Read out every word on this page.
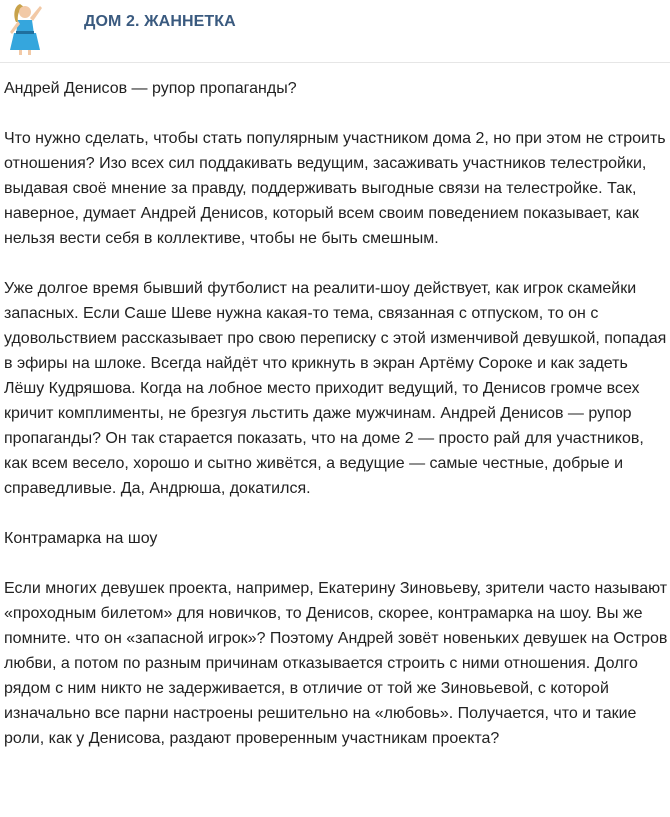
ДОМ 2. ЖАННЕТКА

Андрей Денисов — рупор пропаганды?

Что нужно сделать, чтобы стать популярным участником дома 2, но при этом не строить отношения? Изо всех сил поддакивать ведущим, засаживать участников телестройки, выдавая своё мнение за правду, поддерживать выгодные связи на телестройке. Так, наверное, думает Андрей Денисов, который всем своим поведением показывает, как нельзя вести себя в коллективе, чтобы не быть смешным.

Уже долгое время бывший футболист на реалити-шоу действует, как игрок скамейки запасных. Если Саше Шеве нужна какая-то тема, связанная с отпуском, то он с удовольствием рассказывает про свою переписку с этой изменчивой девушкой, попадая в эфиры на шлоке. Всегда найдёт что крикнуть в экран Артёму Сороке и как задеть Лёшу Кудряшова. Когда на лобное место приходит ведущий, то Денисов громче всех кричит комплименты, не брезгуя льстить даже мужчинам. Андрей Денисов — рупор пропаганды? Он так старается показать, что на доме 2 — просто рай для участников, как всем весело, хорошо и сытно живётся, а ведущие — самые честные, добрые и справедливые. Да, Андрюша, докатился.

Контрамарка на шоу

Если многих девушек проекта, например, Екатерину Зиновьеву, зрители часто называют «проходным билетом» для новичков, то Денисов, скорее, контрамарка на шоу. Вы же помните. что он «запасной игрок»? Поэтому Андрей зовёт новеньких девушек на Остров любви, а потом по разным причинам отказывается строить с ними отношения. Долго рядом с ним никто не задерживается, в отличие от той же Зиновьевой, с которой изначально все парни настроены решительно на «любовь». Получается, что и такие роли, как у Денисова, раздают проверенным участникам проекта?
